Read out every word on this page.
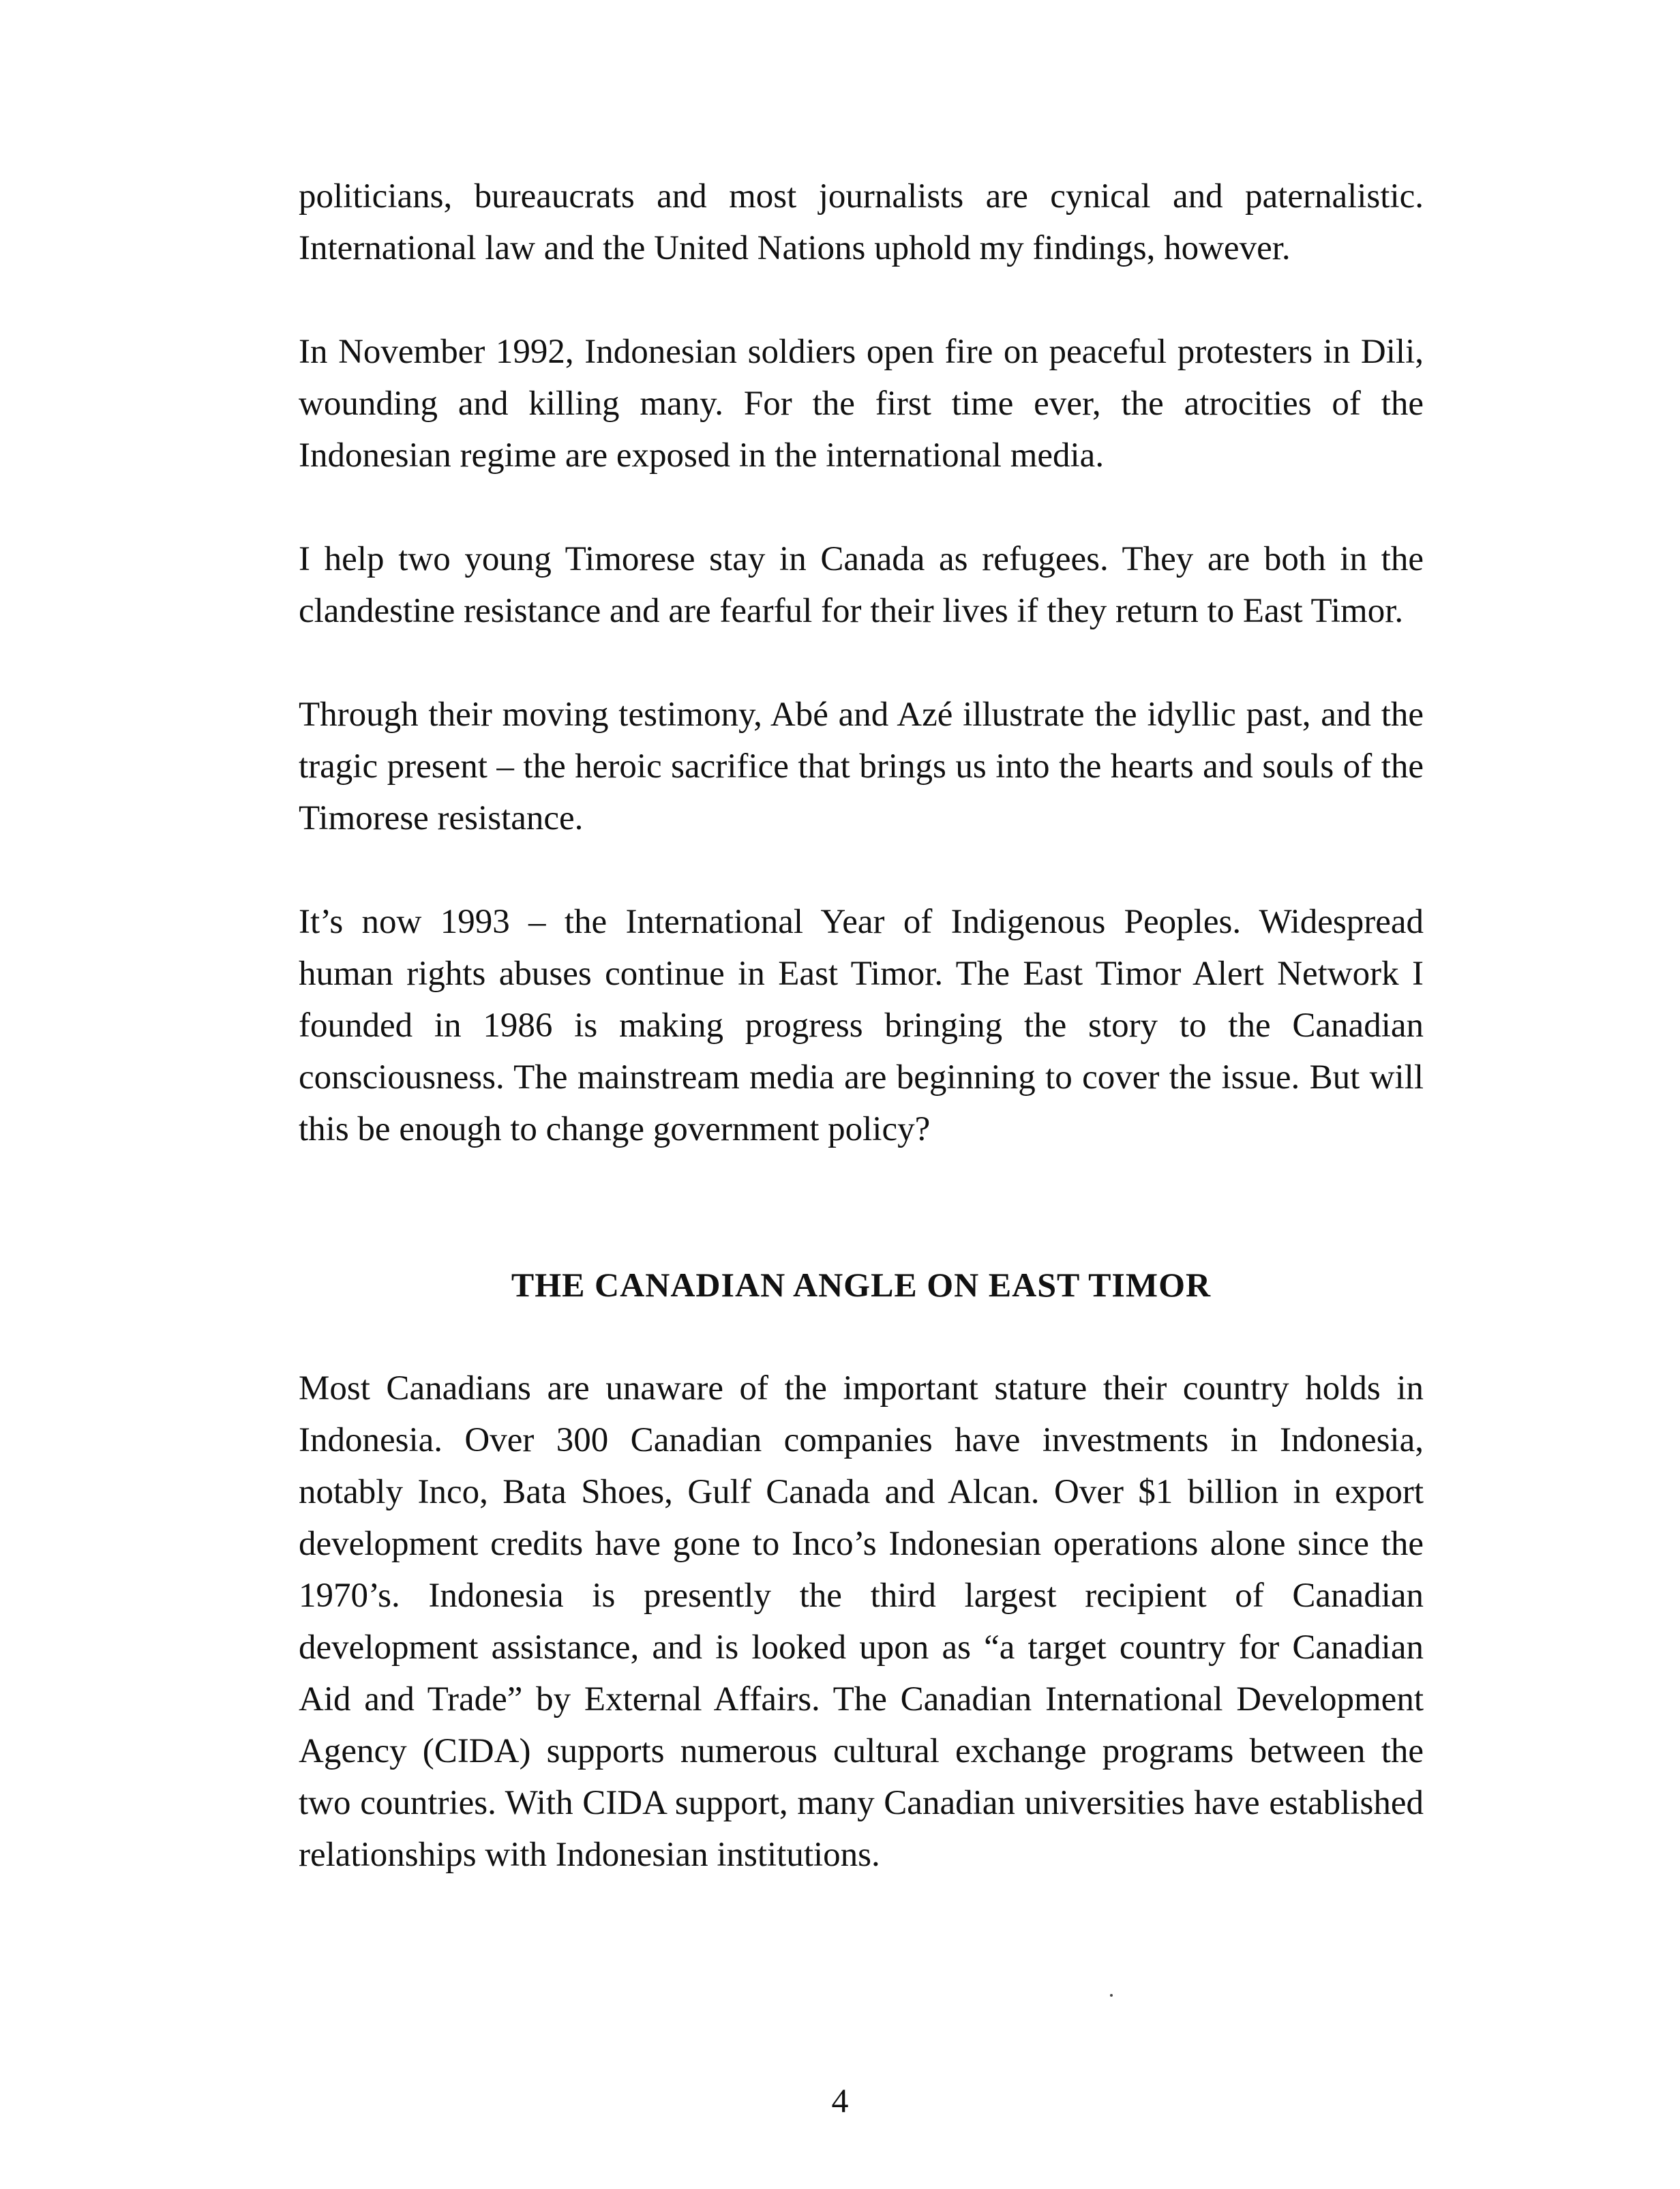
politicians, bureaucrats and most journalists are cynical and paternalistic. International law and the United Nations uphold my findings, however.

In November 1992, Indonesian soldiers open fire on peaceful protesters in Dili, wounding and killing many. For the first time ever, the atrocities of the Indonesian regime are exposed in the international media.

I help two young Timorese stay in Canada as refugees. They are both in the clandestine resistance and are fearful for their lives if they return to East Timor.

Through their moving testimony, Abé and Azé illustrate the idyllic past, and the tragic present – the heroic sacrifice that brings us into the hearts and souls of the Timorese resistance.

It’s now 1993 – the International Year of Indigenous Peoples. Widespread human rights abuses continue in East Timor. The East Timor Alert Network I founded in 1986 is making progress bringing the story to the Canadian consciousness. The mainstream media are beginning to cover the issue. But will this be enough to change government policy?

THE CANADIAN ANGLE ON EAST TIMOR

Most Canadians are unaware of the important stature their country holds in Indonesia. Over 300 Canadian companies have investments in Indonesia, notably Inco, Bata Shoes, Gulf Canada and Alcan. Over $1 billion in export development credits have gone to Inco’s Indonesian operations alone since the 1970’s. Indonesia is presently the third largest recipient of Canadian development assistance, and is looked upon as “a target country for Canadian Aid and Trade” by External Affairs. The Canadian International Development Agency (CIDA) supports numerous cultural exchange programs between the two countries. With CIDA support, many Canadian universities have established relationships with Indonesian institutions.

4
